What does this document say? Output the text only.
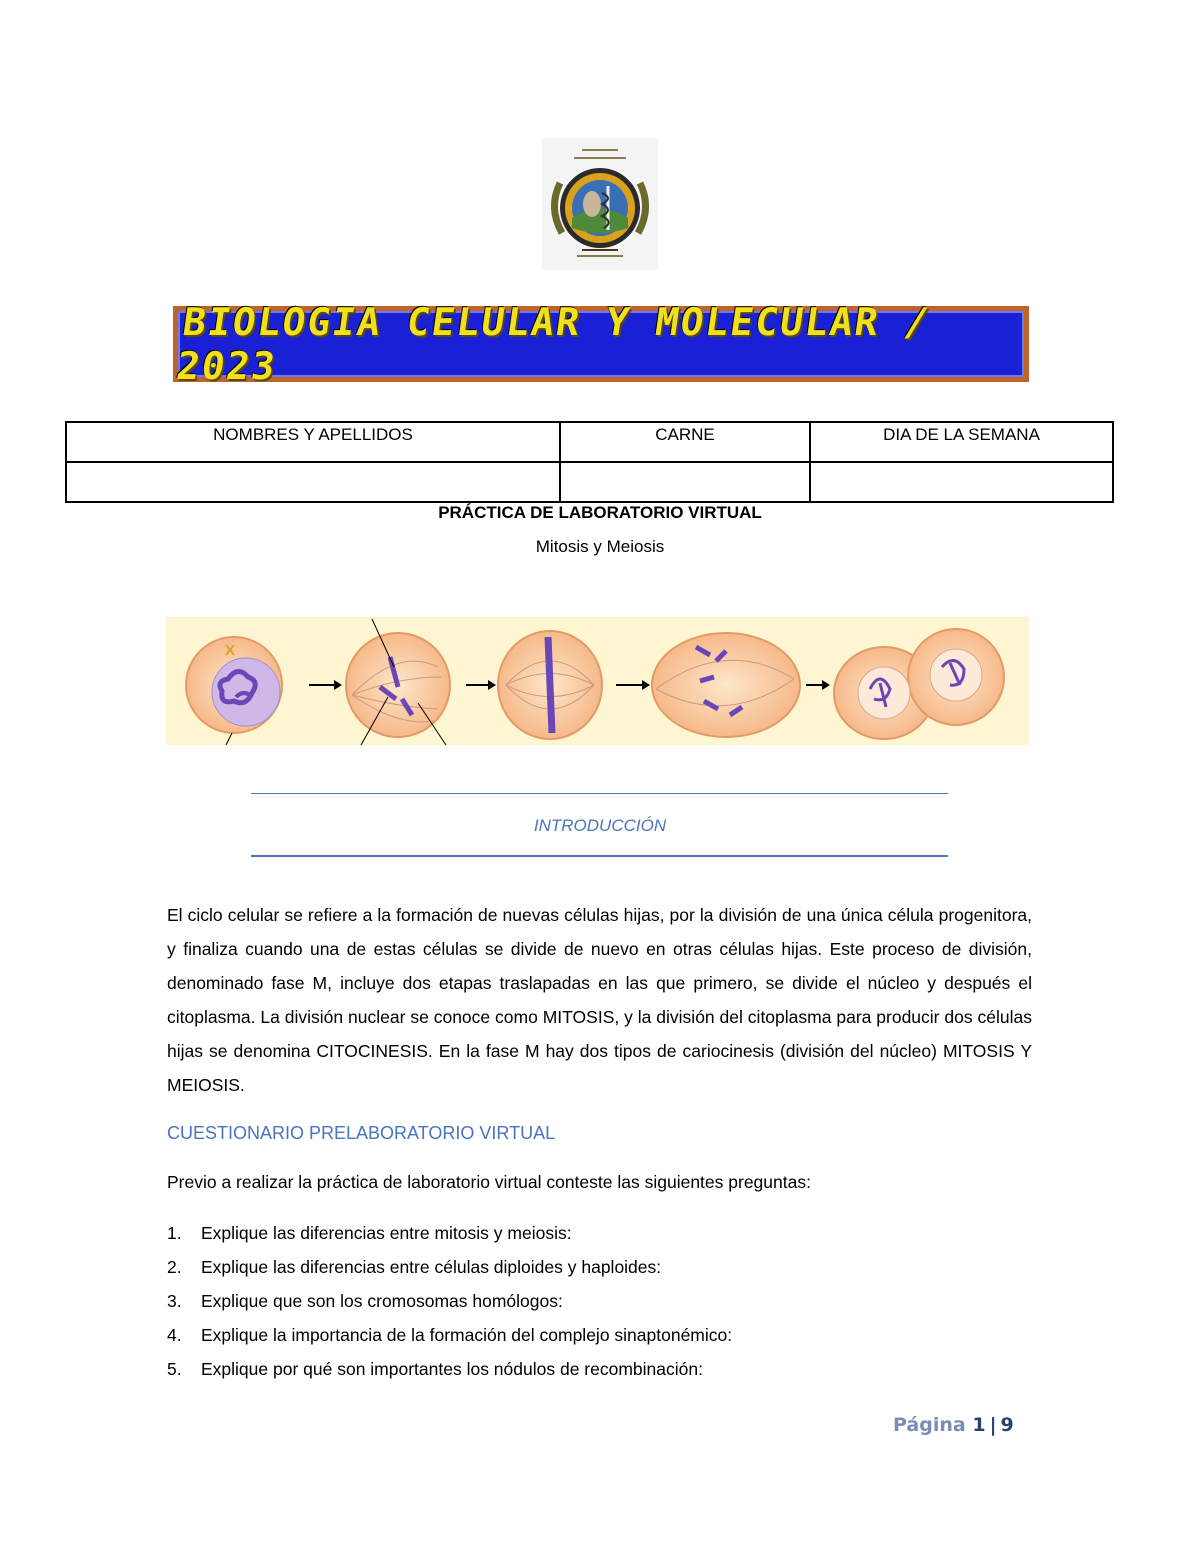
BIOLOGIA CELULAR Y MOLECULAR / 2023
NOMBRES Y APELLIDOS	CARNE	DIA DE LA SEMANA

PRÁCTICA DE LABORATORIO VIRTUAL
Mitosis y Meiosis
INTRODUCCIÓN
El ciclo celular se refiere a la formación de nuevas células hijas, por la división de una única célula progenitora, y finaliza cuando una de estas células se divide de nuevo en otras células hijas. Este proceso de división, denominado fase M, incluye dos etapas traslapadas en las que primero, se divide el núcleo y después el citoplasma. La división nuclear se conoce como MITOSIS, y la división del citoplasma para producir dos células hijas se denomina CITOCINESIS. En la fase M hay dos tipos de cariocinesis (división del núcleo) MITOSIS Y MEIOSIS.
CUESTIONARIO PRELABORATORIO VIRTUAL
Previo a realizar la práctica de laboratorio virtual conteste las siguientes preguntas:
1.	Explique las diferencias entre mitosis y meiosis:
2.	Explique las diferencias entre células diploides y haploides:
3.	Explique que son los cromosomas homólogos:
4.	Explique la importancia de la formación del complejo sinaptonémico:
5.	Explique por qué son importantes los nódulos de recombinación:
Página 1 | 9
